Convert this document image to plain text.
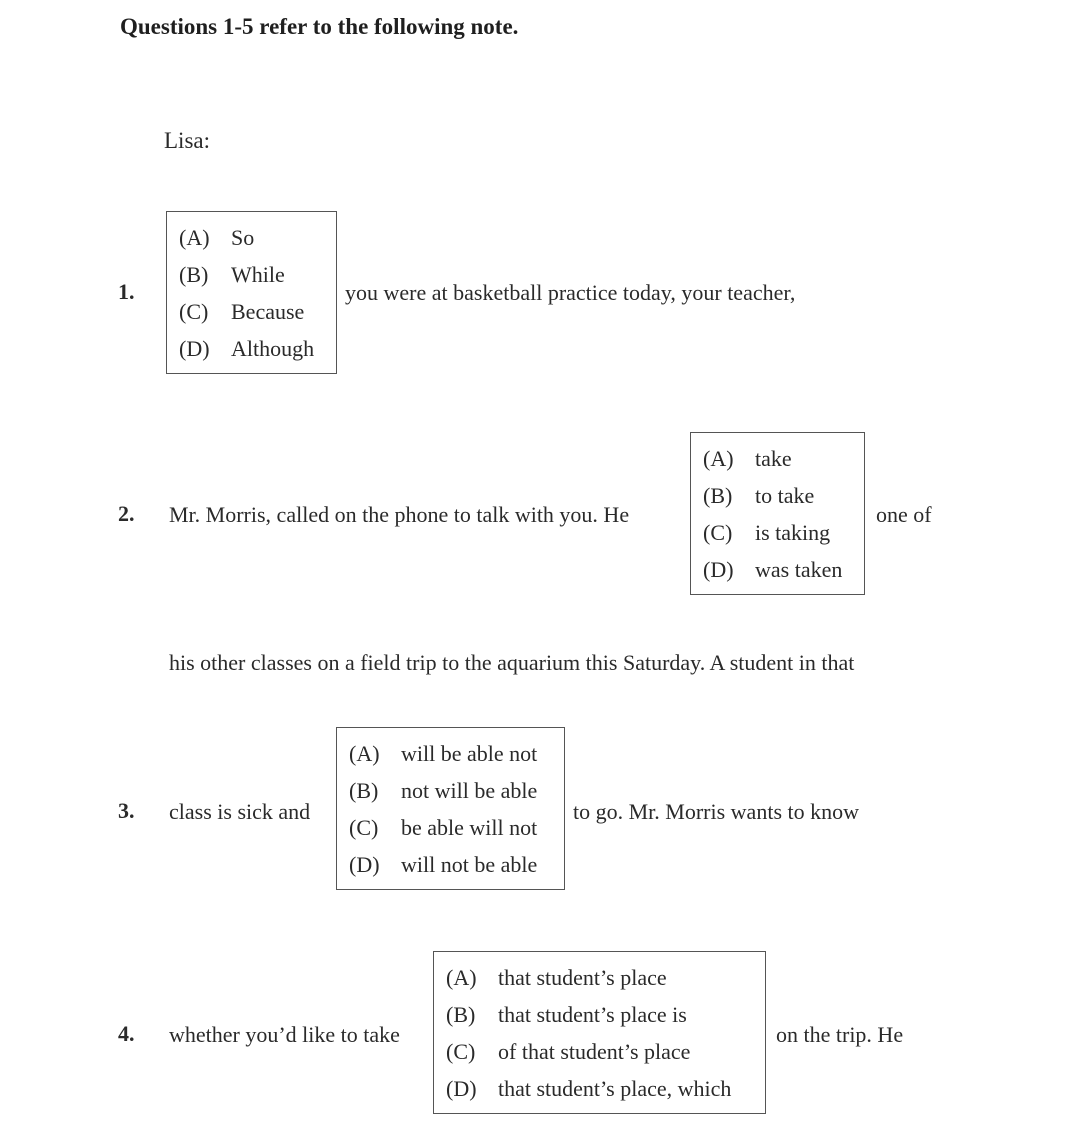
Questions 1-5 refer to the following note.
Lisa:
1.
(A) So
(B)	While
(C)	Because
(D) Although
you were at basketball practice today, your teacher,
2. Mr. Morris, called on the phone to talk with you. He
(A) take
(B)	to take
(C)	is taking
(D) was taken
one of
his other classes on a field trip to the aquarium this Saturday. A student in that
3. class is sick and
(A) will be able not
(B)	not will be able
(C)	be able will not
(D) will not be able
to go. Mr. Morris wants to know
4. whether you’d like to take
(A) that student’s place
(B)	that student’s place is
(C)	of that student’s place
(D) that student’s place, which
on the trip. He
